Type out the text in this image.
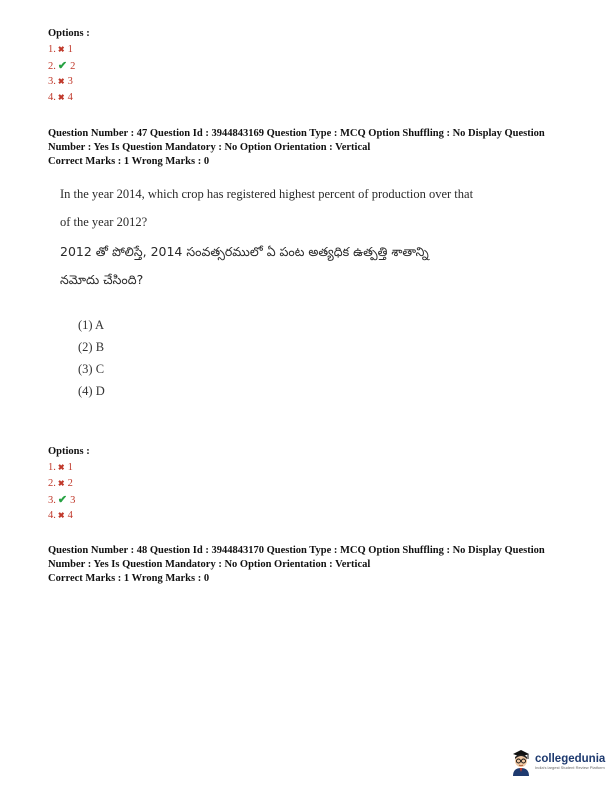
Options :
1. ✖ 1
2. ✔ 2
3. ✖ 3
4. ✖ 4
Question Number : 47 Question Id : 3944843169 Question Type : MCQ Option Shuffling : No Display Question
Number : Yes Is Question Mandatory : No Option Orientation : Vertical
Correct Marks : 1 Wrong Marks : 0
In the year 2014, which crop has registered highest percent of production over that
of the year 2012?
2012 తో పోలిస్తే, 2014 సంవత్సరములో ఏ పంట అత్యధిక ఉత్పత్తి శాతాన్ని
నమోదు చేసింది?
(1) A
(2) B
(3) C
(4) D
Options :
1. ✖ 1
2. ✖ 2
3. ✔ 3
4. ✖ 4
Question Number : 48 Question Id : 3944843170 Question Type : MCQ Option Shuffling : No Display Question
Number : Yes Is Question Mandatory : No Option Orientation : Vertical
Correct Marks : 1 Wrong Marks : 0
collegedunia
India's largest Student Review Platform
